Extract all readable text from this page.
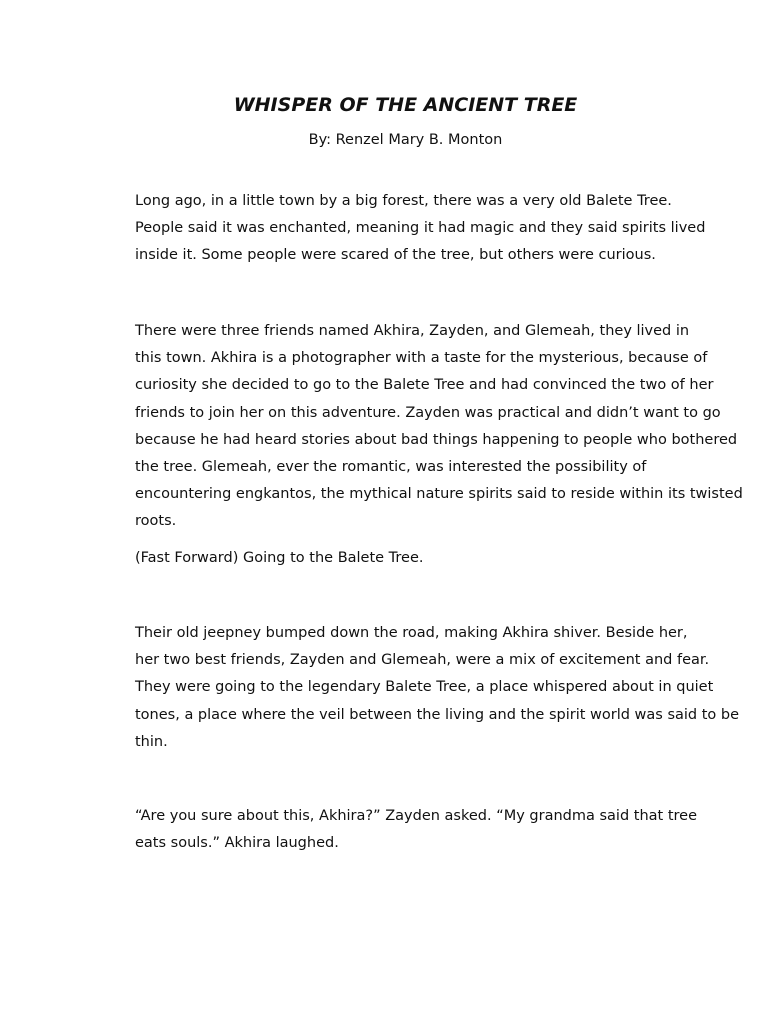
WHISPER OF THE ANCIENT TREE
By: Renzel Mary B. Monton

Long ago, in a little town by a big forest, there was a very old Balete Tree.
People said it was enchanted, meaning it had magic and they said spirits lived
inside it. Some people were scared of the tree, but others were curious.

There were three friends named Akhira, Zayden, and Glemeah, they lived in
this town. Akhira is a photographer with a taste for the mysterious, because of
curiosity she decided to go to the Balete Tree and had convinced the two of her
friends to join her on this adventure. Zayden was practical and didn’t want to go
because he had heard stories about bad things happening to people who bothered
the tree. Glemeah, ever the romantic, was interested the possibility of
encountering engkantos, the mythical nature spirits said to reside within its twisted
roots.

(Fast Forward) Going to the Balete Tree.

Their old jeepney bumped down the road, making Akhira shiver. Beside her,
her two best friends, Zayden and Glemeah, were a mix of excitement and fear.
They were going to the legendary Balete Tree, a place whispered about in quiet
tones, a place where the veil between the living and the spirit world was said to be
thin.

“Are you sure about this, Akhira?” Zayden asked. “My grandma said that tree
eats souls.” Akhira laughed.
